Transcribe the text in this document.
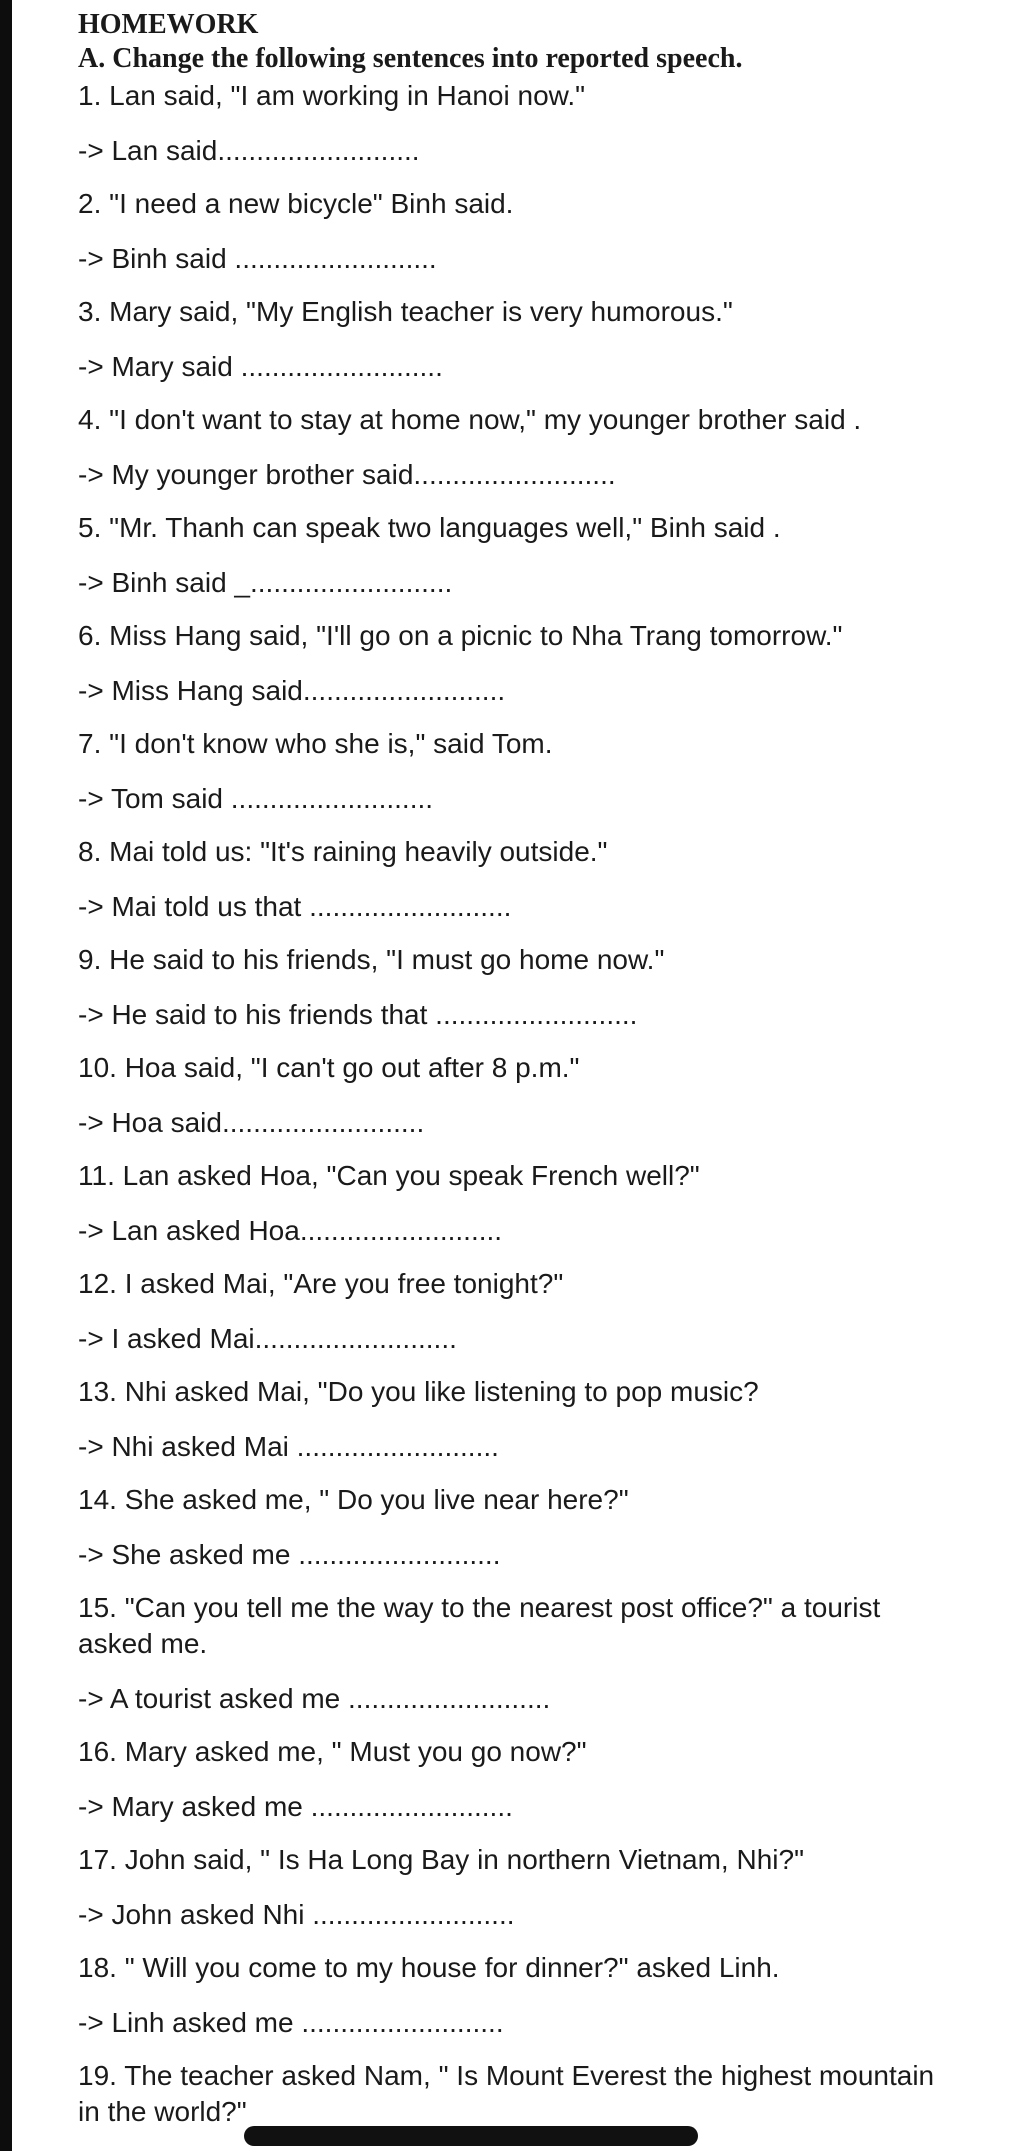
HOMEWORK
A. Change the following sentences into reported speech.
1. Lan said, "I am working in Hanoi now."
-> Lan said..........................
2. "I need a new bicycle" Binh said.
-> Binh said ..........................
3. Mary said, "My English teacher is very humorous."
-> Mary said ..........................
4. "I don't want to stay at home now," my younger brother said .
-> My younger brother said..........................
5. "Mr. Thanh can speak two languages well," Binh said .
-> Binh said _..........................
6. Miss Hang said, "I'll go on a picnic to Nha Trang tomorrow."
-> Miss Hang said..........................
7. "I don't know who she is," said Tom.
-> Tom said ..........................
8. Mai told us: "It's raining heavily outside."
-> Mai told us that ..........................
9. He said to his friends, "I must go home now."
-> He said to his friends that ..........................
10. Hoa said, "I can't go out after 8 p.m."
-> Hoa said..........................
11. Lan asked Hoa, "Can you speak French well?"
-> Lan asked Hoa..........................
12. I asked Mai, "Are you free tonight?"
-> I asked Mai..........................
13. Nhi asked Mai, "Do you like listening to pop music?
-> Nhi asked Mai ..........................
14. She asked me, " Do you live near here?"
-> She asked me ..........................
15. "Can you tell me the way to the nearest post office?" a tourist asked me.
-> A tourist asked me ..........................
16. Mary asked me, " Must you go now?"
-> Mary asked me ..........................
17. John said, " Is Ha Long Bay in northern Vietnam, Nhi?"
-> John asked Nhi ..........................
18. " Will you come to my house for dinner?" asked Linh.
-> Linh asked me ..........................
19. The teacher asked Nam, " Is Mount Everest the highest mountain in the world?"
